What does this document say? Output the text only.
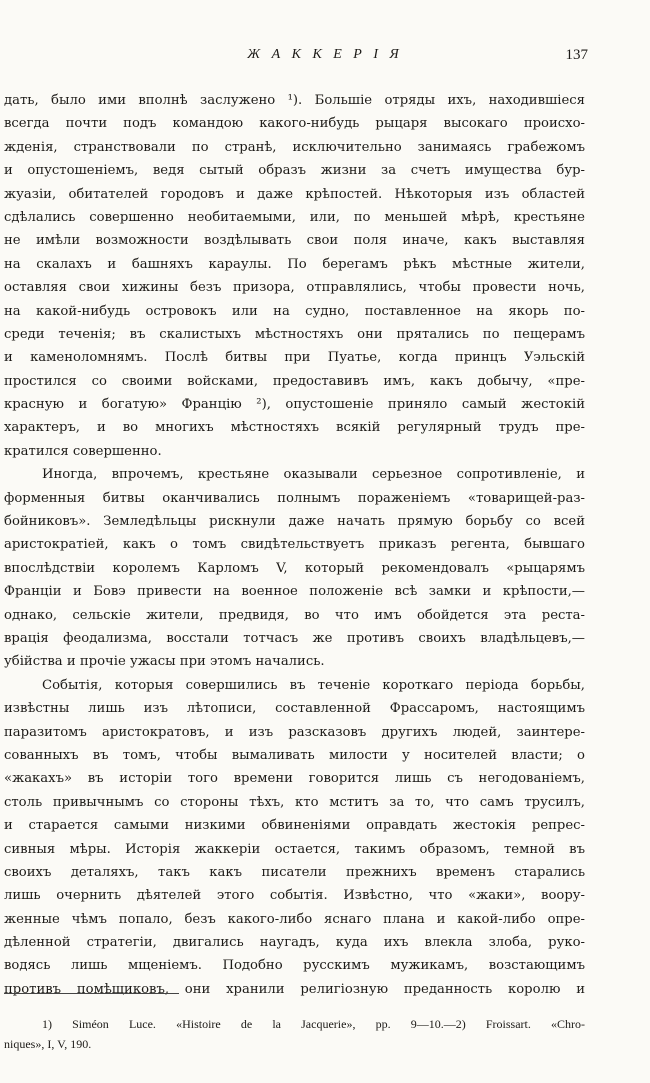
Ж А К К Е Р І Я	137
дать, было ими вполнѣ заслужено ¹). Большіе отряды ихъ, находившіеся
всегда почти подъ командою какого-нибудь рыцаря высокаго происхо-
жденія, странствовали по странѣ, исключительно занимаясь грабежомъ
и опустошеніемъ, ведя сытый образъ жизни за счетъ имущества бур-
жуазіи, обитателей городовъ и даже крѣпостей. Нѣкоторыя изъ областей
сдѣлались совершенно необитаемыми, или, по меньшей мѣрѣ, крестьяне
не имѣли возможности воздѣлывать свои поля иначе, какъ выставляя
на скалахъ и башняхъ караулы. По берегамъ рѣкъ мѣстные жители,
оставляя свои хижины безъ призора, отправлялись, чтобы провести ночь,
на какой-нибудь островокъ или на судно, поставленное на якорь по-
среди теченія; въ скалистыхъ мѣстностяхъ они прятались по пещерамъ
и каменоломнямъ. Послѣ битвы при Пуатье, когда принцъ Уэльскій
простился со своими войсками, предоставивъ имъ, какъ добычу, «пре-
красную и богатую» Францію ²), опустошеніе приняло самый жестокій
характеръ, и во многихъ мѣстностяхъ всякій регулярный трудъ пре-
кратился совершенно.
Иногда, впрочемъ, крестьяне оказывали серьезное сопротивленіе, и
форменныя битвы оканчивались полнымъ пораженіемъ «товарищей-раз-
бойниковъ». Земледѣльцы рискнули даже начать прямую борьбу со всей
аристократіей, какъ о томъ свидѣтельствуетъ приказъ регента, бывшаго
впослѣдствіи королемъ Карломъ V, который рекомендовалъ «рыцарямъ
Франціи и Бовэ привести на военное положеніе всѣ замки и крѣпости,—
однако, сельскіе жители, предвидя, во что имъ обойдется эта реста-
врація феодализма, восстали тотчасъ же противъ своихъ владѣльцевъ,—
убійства и прочіе ужасы при этомъ начались.
Событія, которыя совершились въ теченіе короткаго періода борьбы,
извѣстны лишь изъ лѣтописи, составленной Фрассаромъ, настоящимъ
паразитомъ аристократовъ, и изъ разсказовъ другихъ людей, заинтере-
сованныхъ въ томъ, чтобы вымаливать милости у носителей власти; о
«жакахъ» въ исторіи того времени говорится лишь съ негодованіемъ,
столь привычнымъ со стороны тѣхъ, кто мститъ за то, что самъ трусилъ,
и старается самыми низкими обвиненіями оправдать жестокія репрес-
сивныя мѣры. Исторія жаккеріи остается, такимъ образомъ, темной въ
своихъ деталяхъ, такъ какъ писатели прежнихъ временъ старались
лишь очернить дѣятелей этого событія. Извѣстно, что «жаки», воору-
женные чѣмъ попало, безъ какого-либо яснаго плана и какой-либо опре-
дѣленной стратегіи, двигались наугадъ, куда ихъ влекла злоба, руко-
водясь лишь мщеніемъ. Подобно русскимъ мужикамъ, возстающимъ
противъ помѣщиковъ, они хранили религіозную преданность королю и
1) Siméon Luce. «Histoire de la Jacquerie», pp. 9—10.—2) Froissart. «Chro-
niques», I, V, 190.
